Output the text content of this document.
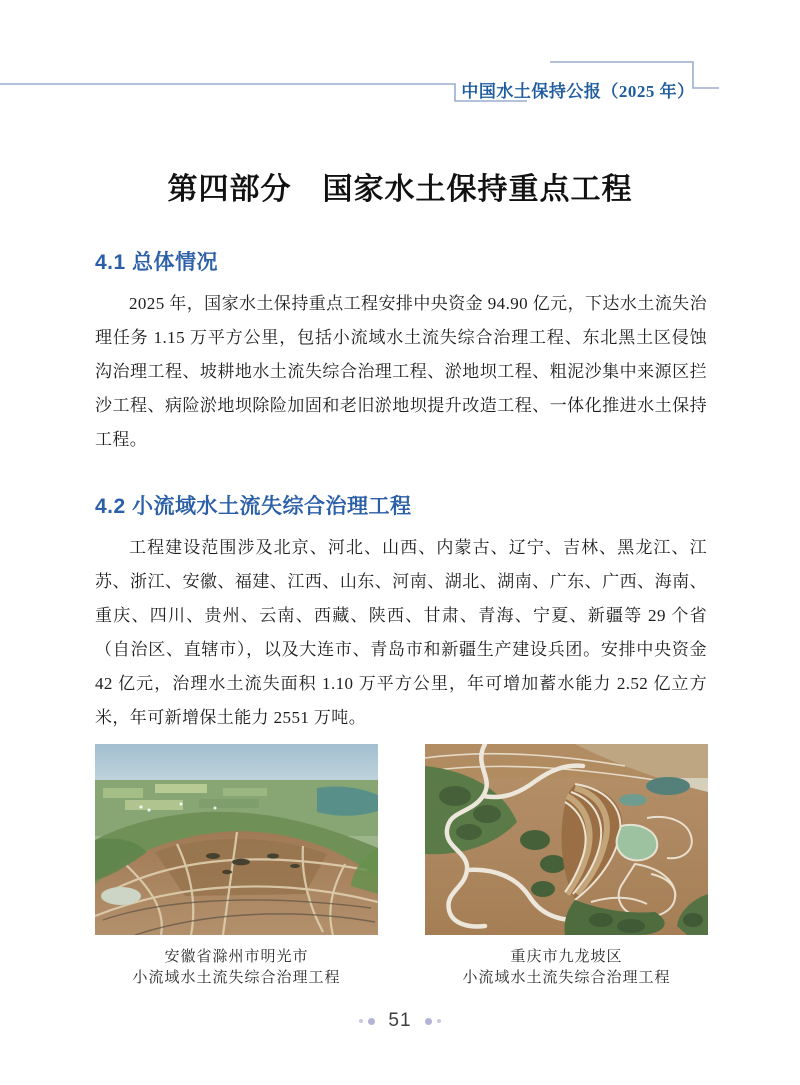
中国水土保持公报（2025 年）
第四部分　国家水土保持重点工程
4.1 总体情况
2025 年，国家水土保持重点工程安排中央资金 94.90 亿元，下达水土流失治理任务 1.15 万平方公里，包括小流域水土流失综合治理工程、东北黑土区侵蚀沟治理工程、坡耕地水土流失综合治理工程、淤地坝工程、粗泥沙集中来源区拦沙工程、病险淤地坝除险加固和老旧淤地坝提升改造工程、一体化推进水土保持工程。
4.2 小流域水土流失综合治理工程
工程建设范围涉及北京、河北、山西、内蒙古、辽宁、吉林、黑龙江、江苏、浙江、安徽、福建、江西、山东、河南、湖北、湖南、广东、广西、海南、重庆、四川、贵州、云南、西藏、陕西、甘肃、青海、宁夏、新疆等 29 个省（自治区、直辖市），以及大连市、青岛市和新疆生产建设兵团。安排中央资金 42 亿元，治理水土流失面积 1.10 万平方公里，年可增加蓄水能力 2.52 亿立方米，年可新增保土能力 2551 万吨。
安徽省滁州市明光市
小流域水土流失综合治理工程
重庆市九龙坡区
小流域水土流失综合治理工程
51
